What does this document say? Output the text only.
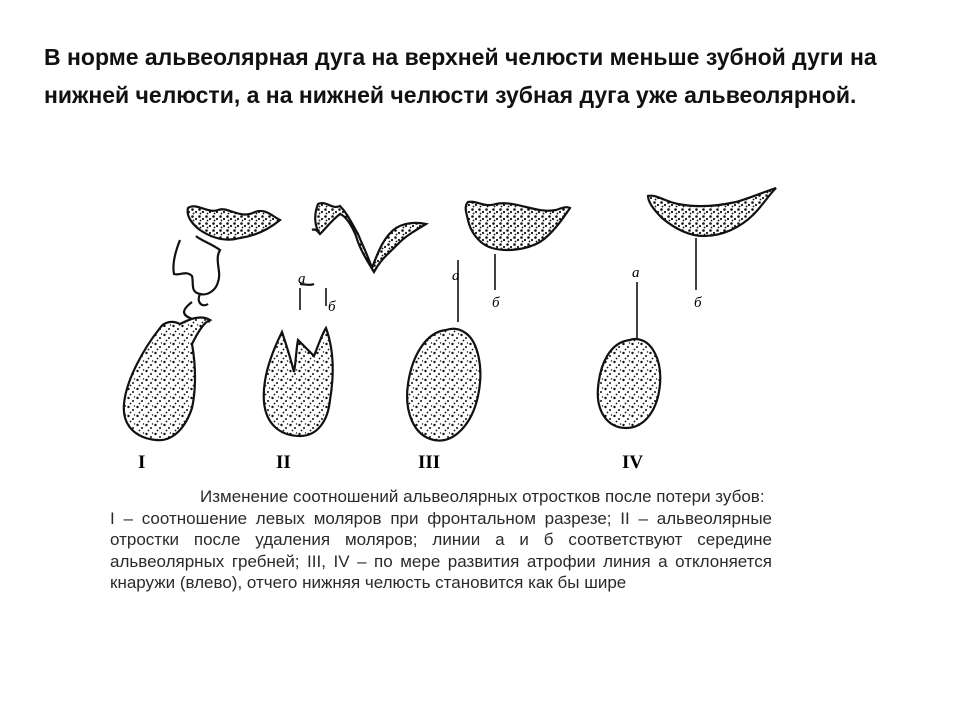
В норме альвеолярная дуга на верхней челюсти меньше зубной дуги на нижней челюсти, а на нижней челюсти зубная дуга уже альвеолярной.

I
а
б
II
а
б
III
а
б
IV

Изменение соотношений альвеолярных отростков после потери зубов:

I – соотношение левых моляров при фронтальном разрезе; II – альвеолярные отростки после удаления моляров; линии а и б соответствуют середине альвеолярных гребней; III, IV – по мере развития атрофии линия а отклоняется кнаружи (влево), отчего нижняя челюсть становится как бы шире
